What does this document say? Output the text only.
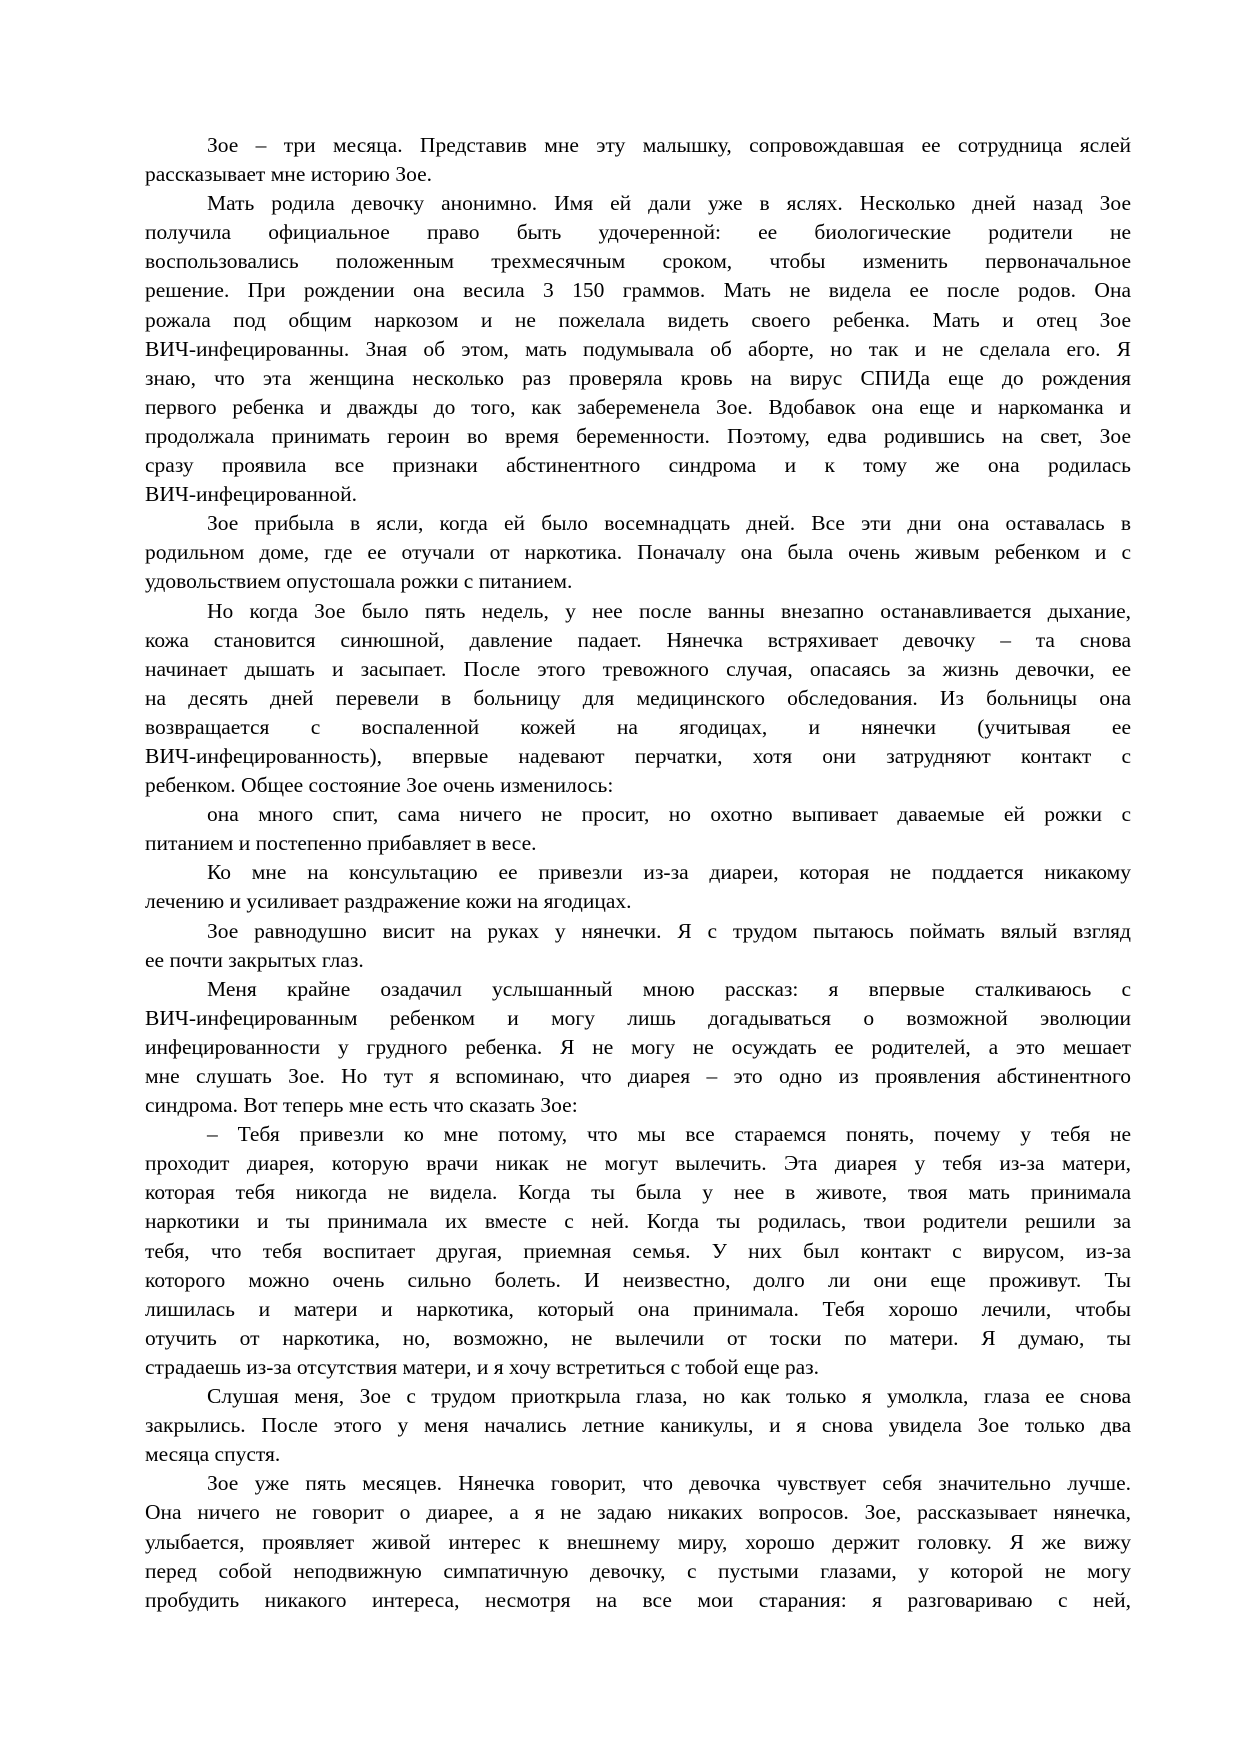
Зое – три месяца. Представив мне эту малышку, сопровождавшая ее сотрудница яслей
рассказывает мне историю Зое.
Мать родила девочку анонимно. Имя ей дали уже в яслях. Несколько дней назад Зое
получила официальное право быть удочеренной: ее биологические родители не
воспользовались положенным трехмесячным сроком, чтобы изменить первоначальное
решение. При рождении она весила 3 150 граммов. Мать не видела ее после родов. Она
рожала под общим наркозом и не пожелала видеть своего ребенка. Мать и отец Зое
ВИЧ-инфецированны. Зная об этом, мать подумывала об аборте, но так и не сделала его. Я
знаю, что эта женщина несколько раз проверяла кровь на вирус СПИДа еще до рождения
первого ребенка и дважды до того, как забеременела Зое. Вдобавок она еще и наркоманка и
продолжала принимать героин во время беременности. Поэтому, едва родившись на свет, Зое
сразу проявила все признаки абстинентного синдрома и к тому же она родилась
ВИЧ-инфецированной.
Зое прибыла в ясли, когда ей было восемнадцать дней. Все эти дни она оставалась в
родильном доме, где ее отучали от наркотика. Поначалу она была очень живым ребенком и с
удовольствием опустошала рожки с питанием.
Но когда Зое было пять недель, у нее после ванны внезапно останавливается дыхание,
кожа становится синюшной, давление падает. Нянечка встряхивает девочку – та снова
начинает дышать и засыпает. После этого тревожного случая, опасаясь за жизнь девочки, ее
на десять дней перевели в больницу для медицинского обследования. Из больницы она
возвращается с воспаленной кожей на ягодицах, и нянечки (учитывая ее
ВИЧ-инфецированность), впервые надевают перчатки, хотя они затрудняют контакт с
ребенком. Общее состояние Зое очень изменилось:
она много спит, сама ничего не просит, но охотно выпивает даваемые ей рожки с
питанием и постепенно прибавляет в весе.
Ко мне на консультацию ее привезли из-за диареи, которая не поддается никакому
лечению и усиливает раздражение кожи на ягодицах.
Зое равнодушно висит на руках у нянечки. Я с трудом пытаюсь поймать вялый взгляд
ее почти закрытых глаз.
Меня крайне озадачил услышанный мною рассказ: я впервые сталкиваюсь с
ВИЧ-инфецированным ребенком и могу лишь догадываться о возможной эволюции
инфецированности у грудного ребенка. Я не могу не осуждать ее родителей, а это мешает
мне слушать Зое. Но тут я вспоминаю, что диарея – это одно из проявления абстинентного
синдрома. Вот теперь мне есть что сказать Зое:
– Тебя привезли ко мне потому, что мы все стараемся понять, почему у тебя не
проходит диарея, которую врачи никак не могут вылечить. Эта диарея у тебя из-за матери,
которая тебя никогда не видела. Когда ты была у нее в животе, твоя мать принимала
наркотики и ты принимала их вместе с ней. Когда ты родилась, твои родители решили за
тебя, что тебя воспитает другая, приемная семья. У них был контакт с вирусом, из-за
которого можно очень сильно болеть. И неизвестно, долго ли они еще проживут. Ты
лишилась и матери и наркотика, который она принимала. Тебя хорошо лечили, чтобы
отучить от наркотика, но, возможно, не вылечили от тоски по матери. Я думаю, ты
страдаешь из-за отсутствия матери, и я хочу встретиться с тобой еще раз.
Слушая меня, Зое с трудом приоткрыла глаза, но как только я умолкла, глаза ее снова
закрылись. После этого у меня начались летние каникулы, и я снова увидела Зое только два
месяца спустя.
Зое уже пять месяцев. Нянечка говорит, что девочка чувствует себя значительно лучше.
Она ничего не говорит о диарее, а я не задаю никаких вопросов. Зое, рассказывает нянечка,
улыбается, проявляет живой интерес к внешнему миру, хорошо держит головку. Я же вижу
перед собой неподвижную симпатичную девочку, с пустыми глазами, у которой не могу
пробудить никакого интереса, несмотря на все мои старания: я разговариваю с ней,
